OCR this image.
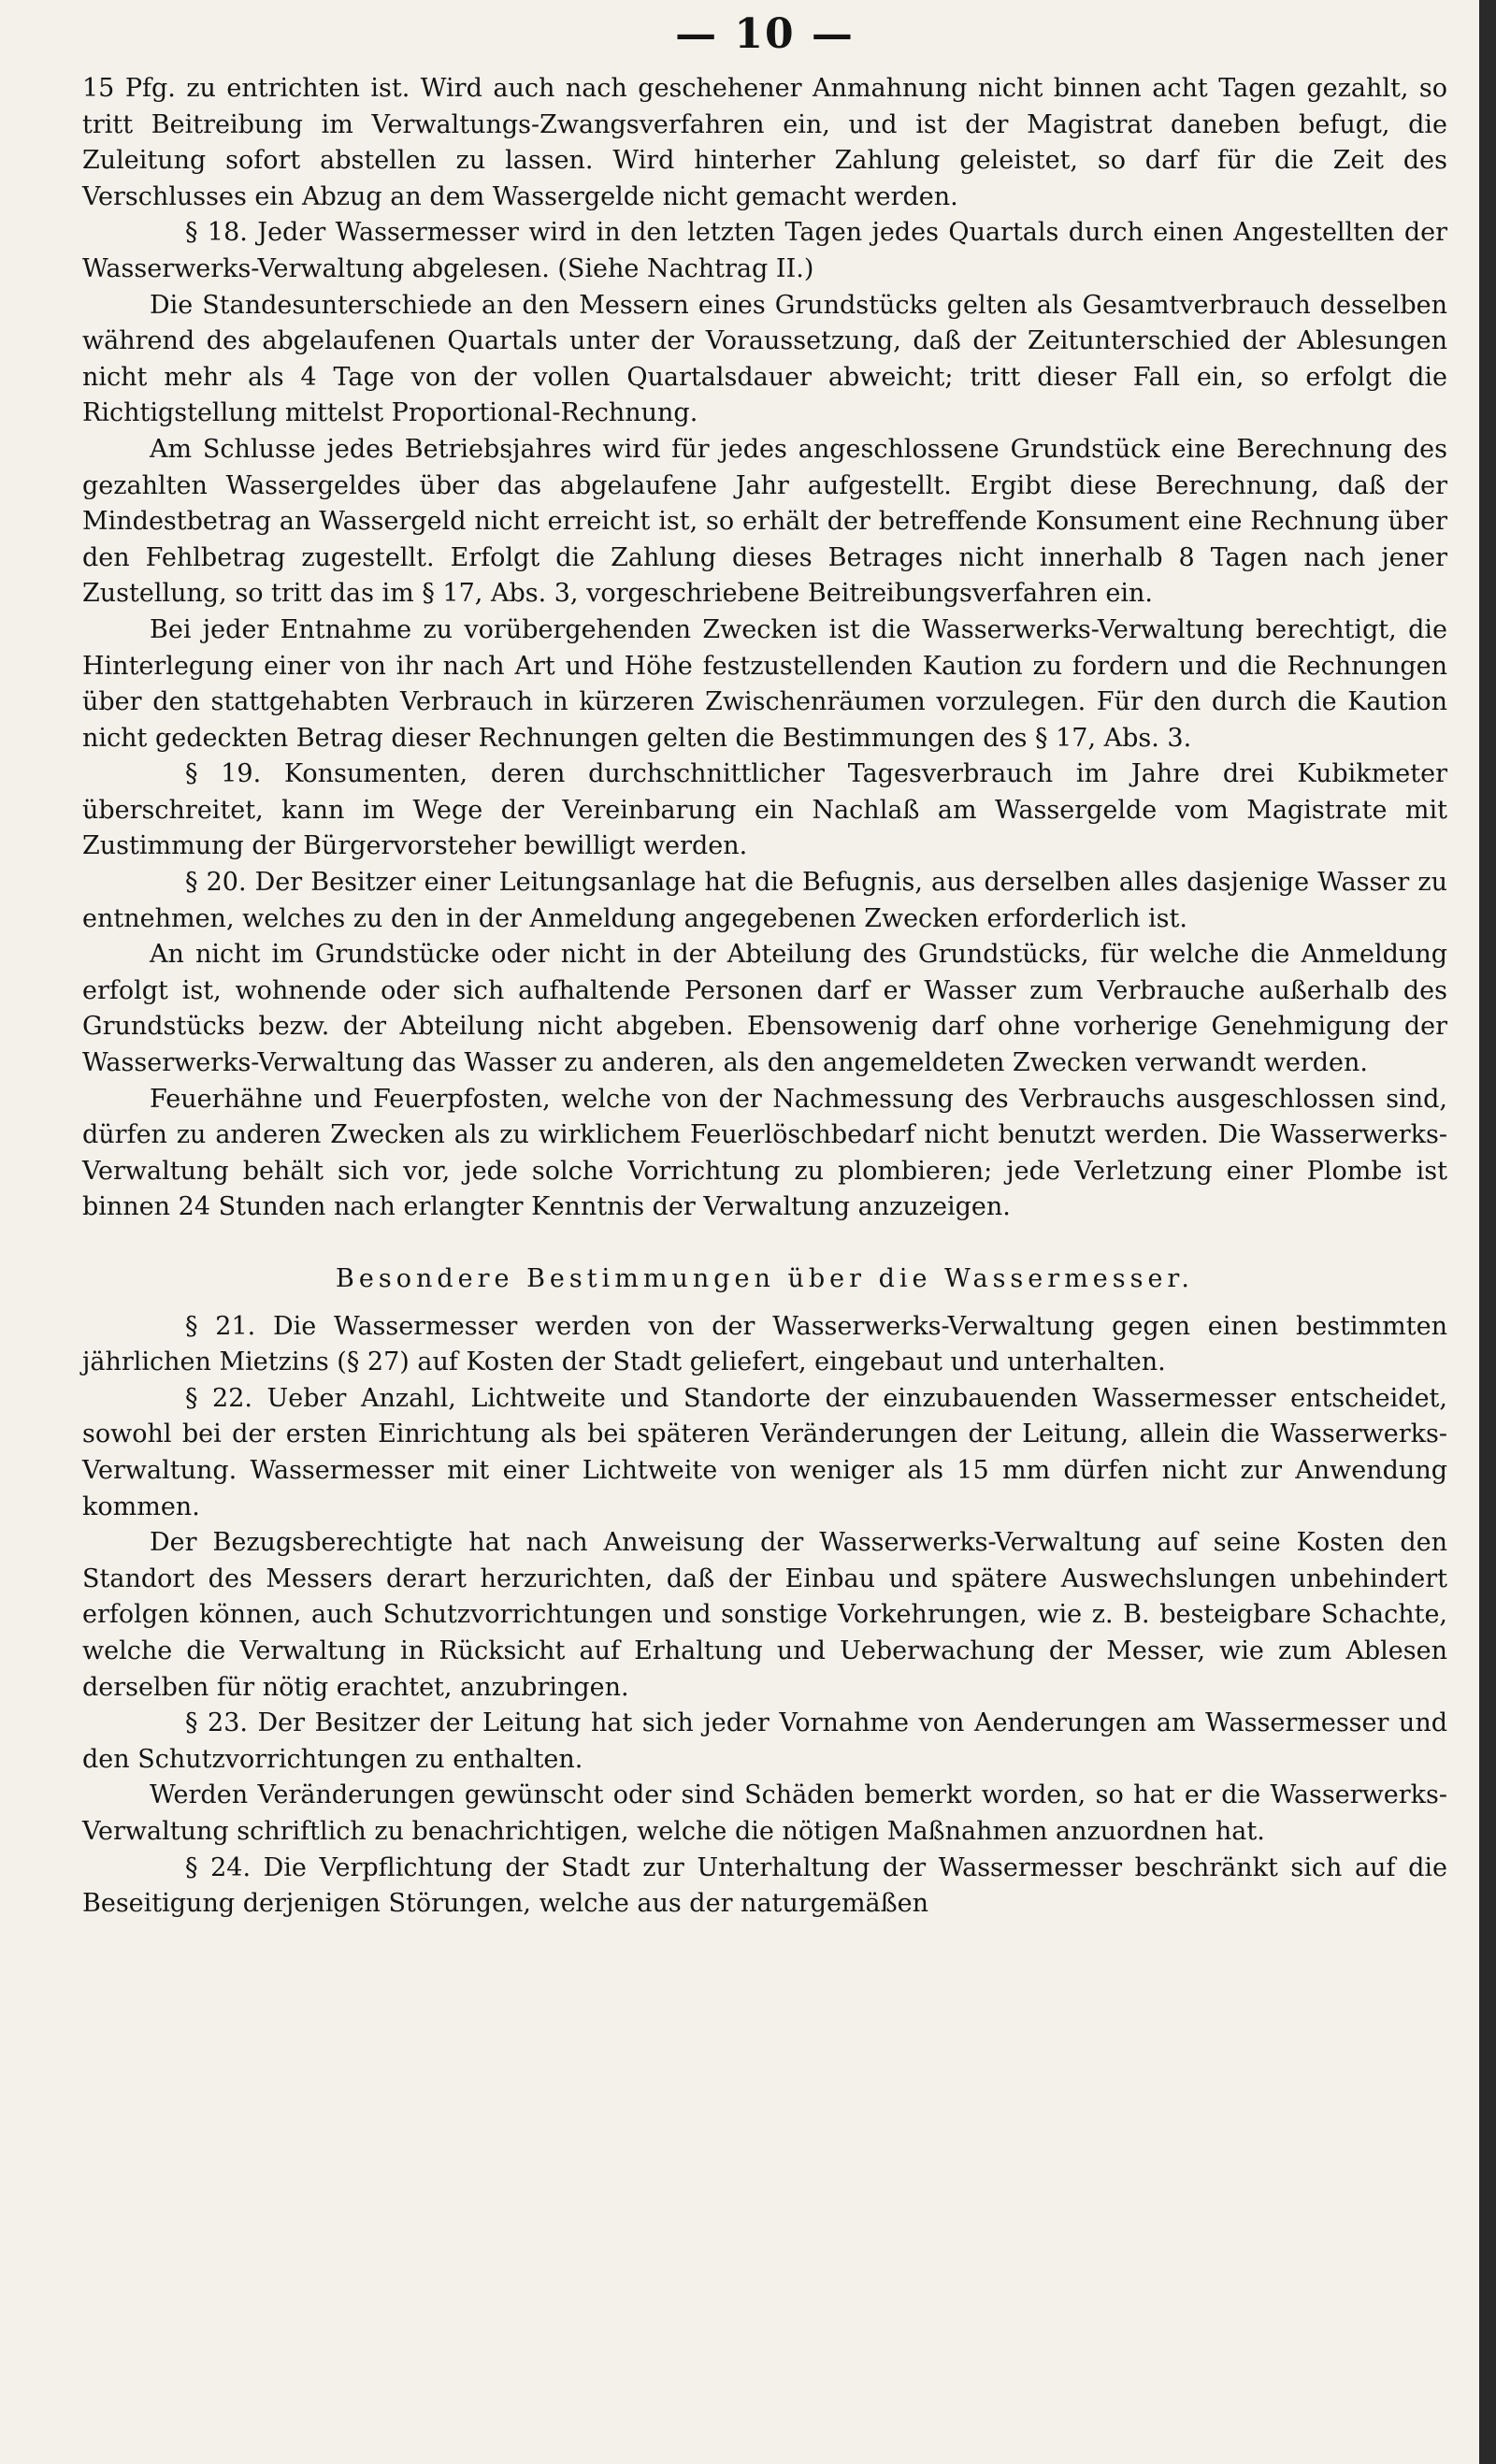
— 10 —

15 Pfg. zu entrichten ist. Wird auch nach geschehener Anmahnung nicht binnen acht Tagen gezahlt, so tritt Beitreibung im Verwaltungs-Zwangsverfahren ein, und ist der Magistrat daneben befugt, die Zuleitung sofort abstellen zu lassen. Wird hinterher Zahlung geleistet, so darf für die Zeit des Verschlusses ein Abzug an dem Wassergelde nicht gemacht werden.

§ 18. Jeder Wassermesser wird in den letzten Tagen jedes Quartals durch einen Angestellten der Wasserwerks-Verwaltung abgelesen. (Siehe Nachtrag II.)

Die Standesunterschiede an den Messern eines Grundstücks gelten als Gesamtverbrauch desselben während des abgelaufenen Quartals unter der Voraussetzung, daß der Zeitunterschied der Ablesungen nicht mehr als 4 Tage von der vollen Quartalsdauer abweicht; tritt dieser Fall ein, so erfolgt die Richtigstellung mittelst Proportional-Rechnung.

Am Schlusse jedes Betriebsjahres wird für jedes angeschlossene Grundstück eine Berechnung des gezahlten Wassergeldes über das abgelaufene Jahr aufgestellt. Ergibt diese Berechnung, daß der Mindestbetrag an Wassergeld nicht erreicht ist, so erhält der betreffende Konsument eine Rechnung über den Fehlbetrag zugestellt. Erfolgt die Zahlung dieses Betrages nicht innerhalb 8 Tagen nach jener Zustellung, so tritt das im § 17, Abs. 3, vorgeschriebene Beitreibungsverfahren ein.

Bei jeder Entnahme zu vorübergehenden Zwecken ist die Wasserwerks-Verwaltung berechtigt, die Hinterlegung einer von ihr nach Art und Höhe festzustellenden Kaution zu fordern und die Rechnungen über den stattgehabten Verbrauch in kürzeren Zwischenräumen vorzulegen. Für den durch die Kaution nicht gedeckten Betrag dieser Rechnungen gelten die Bestimmungen des § 17, Abs. 3.

§ 19. Konsumenten, deren durchschnittlicher Tagesverbrauch im Jahre drei Kubikmeter überschreitet, kann im Wege der Vereinbarung ein Nachlaß am Wassergelde vom Magistrate mit Zustimmung der Bürgervorsteher bewilligt werden.

§ 20. Der Besitzer einer Leitungsanlage hat die Befugnis, aus derselben alles dasjenige Wasser zu entnehmen, welches zu den in der Anmeldung angegebenen Zwecken erforderlich ist.

An nicht im Grundstücke oder nicht in der Abteilung des Grundstücks, für welche die Anmeldung erfolgt ist, wohnende oder sich aufhaltende Personen darf er Wasser zum Verbrauche außerhalb des Grundstücks bezw. der Abteilung nicht abgeben. Ebensowenig darf ohne vorherige Genehmigung der Wasserwerks-Verwaltung das Wasser zu anderen, als den angemeldeten Zwecken verwandt werden.

Feuerhähne und Feuerpfosten, welche von der Nachmessung des Verbrauchs ausgeschlossen sind, dürfen zu anderen Zwecken als zu wirklichem Feuerlöschbedarf nicht benutzt werden. Die Wasserwerks-Verwaltung behält sich vor, jede solche Vorrichtung zu plombieren; jede Verletzung einer Plombe ist binnen 24 Stunden nach erlangter Kenntnis der Verwaltung anzuzeigen.

Besondere Bestimmungen über die Wassermesser.

§ 21. Die Wassermesser werden von der Wasserwerks-Verwaltung gegen einen bestimmten jährlichen Mietzins (§ 27) auf Kosten der Stadt geliefert, eingebaut und unterhalten.

§ 22. Ueber Anzahl, Lichtweite und Standorte der einzubauenden Wassermesser entscheidet, sowohl bei der ersten Einrichtung als bei späteren Veränderungen der Leitung, allein die Wasserwerks-Verwaltung. Wassermesser mit einer Lichtweite von weniger als 15 mm dürfen nicht zur Anwendung kommen.

Der Bezugsberechtigte hat nach Anweisung der Wasserwerks-Verwaltung auf seine Kosten den Standort des Messers derart herzurichten, daß der Einbau und spätere Auswechslungen unbehindert erfolgen können, auch Schutzvorrichtungen und sonstige Vorkehrungen, wie z. B. besteigbare Schachte, welche die Verwaltung in Rücksicht auf Erhaltung und Ueberwachung der Messer, wie zum Ablesen derselben für nötig erachtet, anzubringen.

§ 23. Der Besitzer der Leitung hat sich jeder Vornahme von Aenderungen am Wassermesser und den Schutzvorrichtungen zu enthalten.

Werden Veränderungen gewünscht oder sind Schäden bemerkt worden, so hat er die Wasserwerks-Verwaltung schriftlich zu benachrichtigen, welche die nötigen Maßnahmen anzuordnen hat.

§ 24. Die Verpflichtung der Stadt zur Unterhaltung der Wassermesser beschränkt sich auf die Beseitigung derjenigen Störungen, welche aus der naturgemäßen
